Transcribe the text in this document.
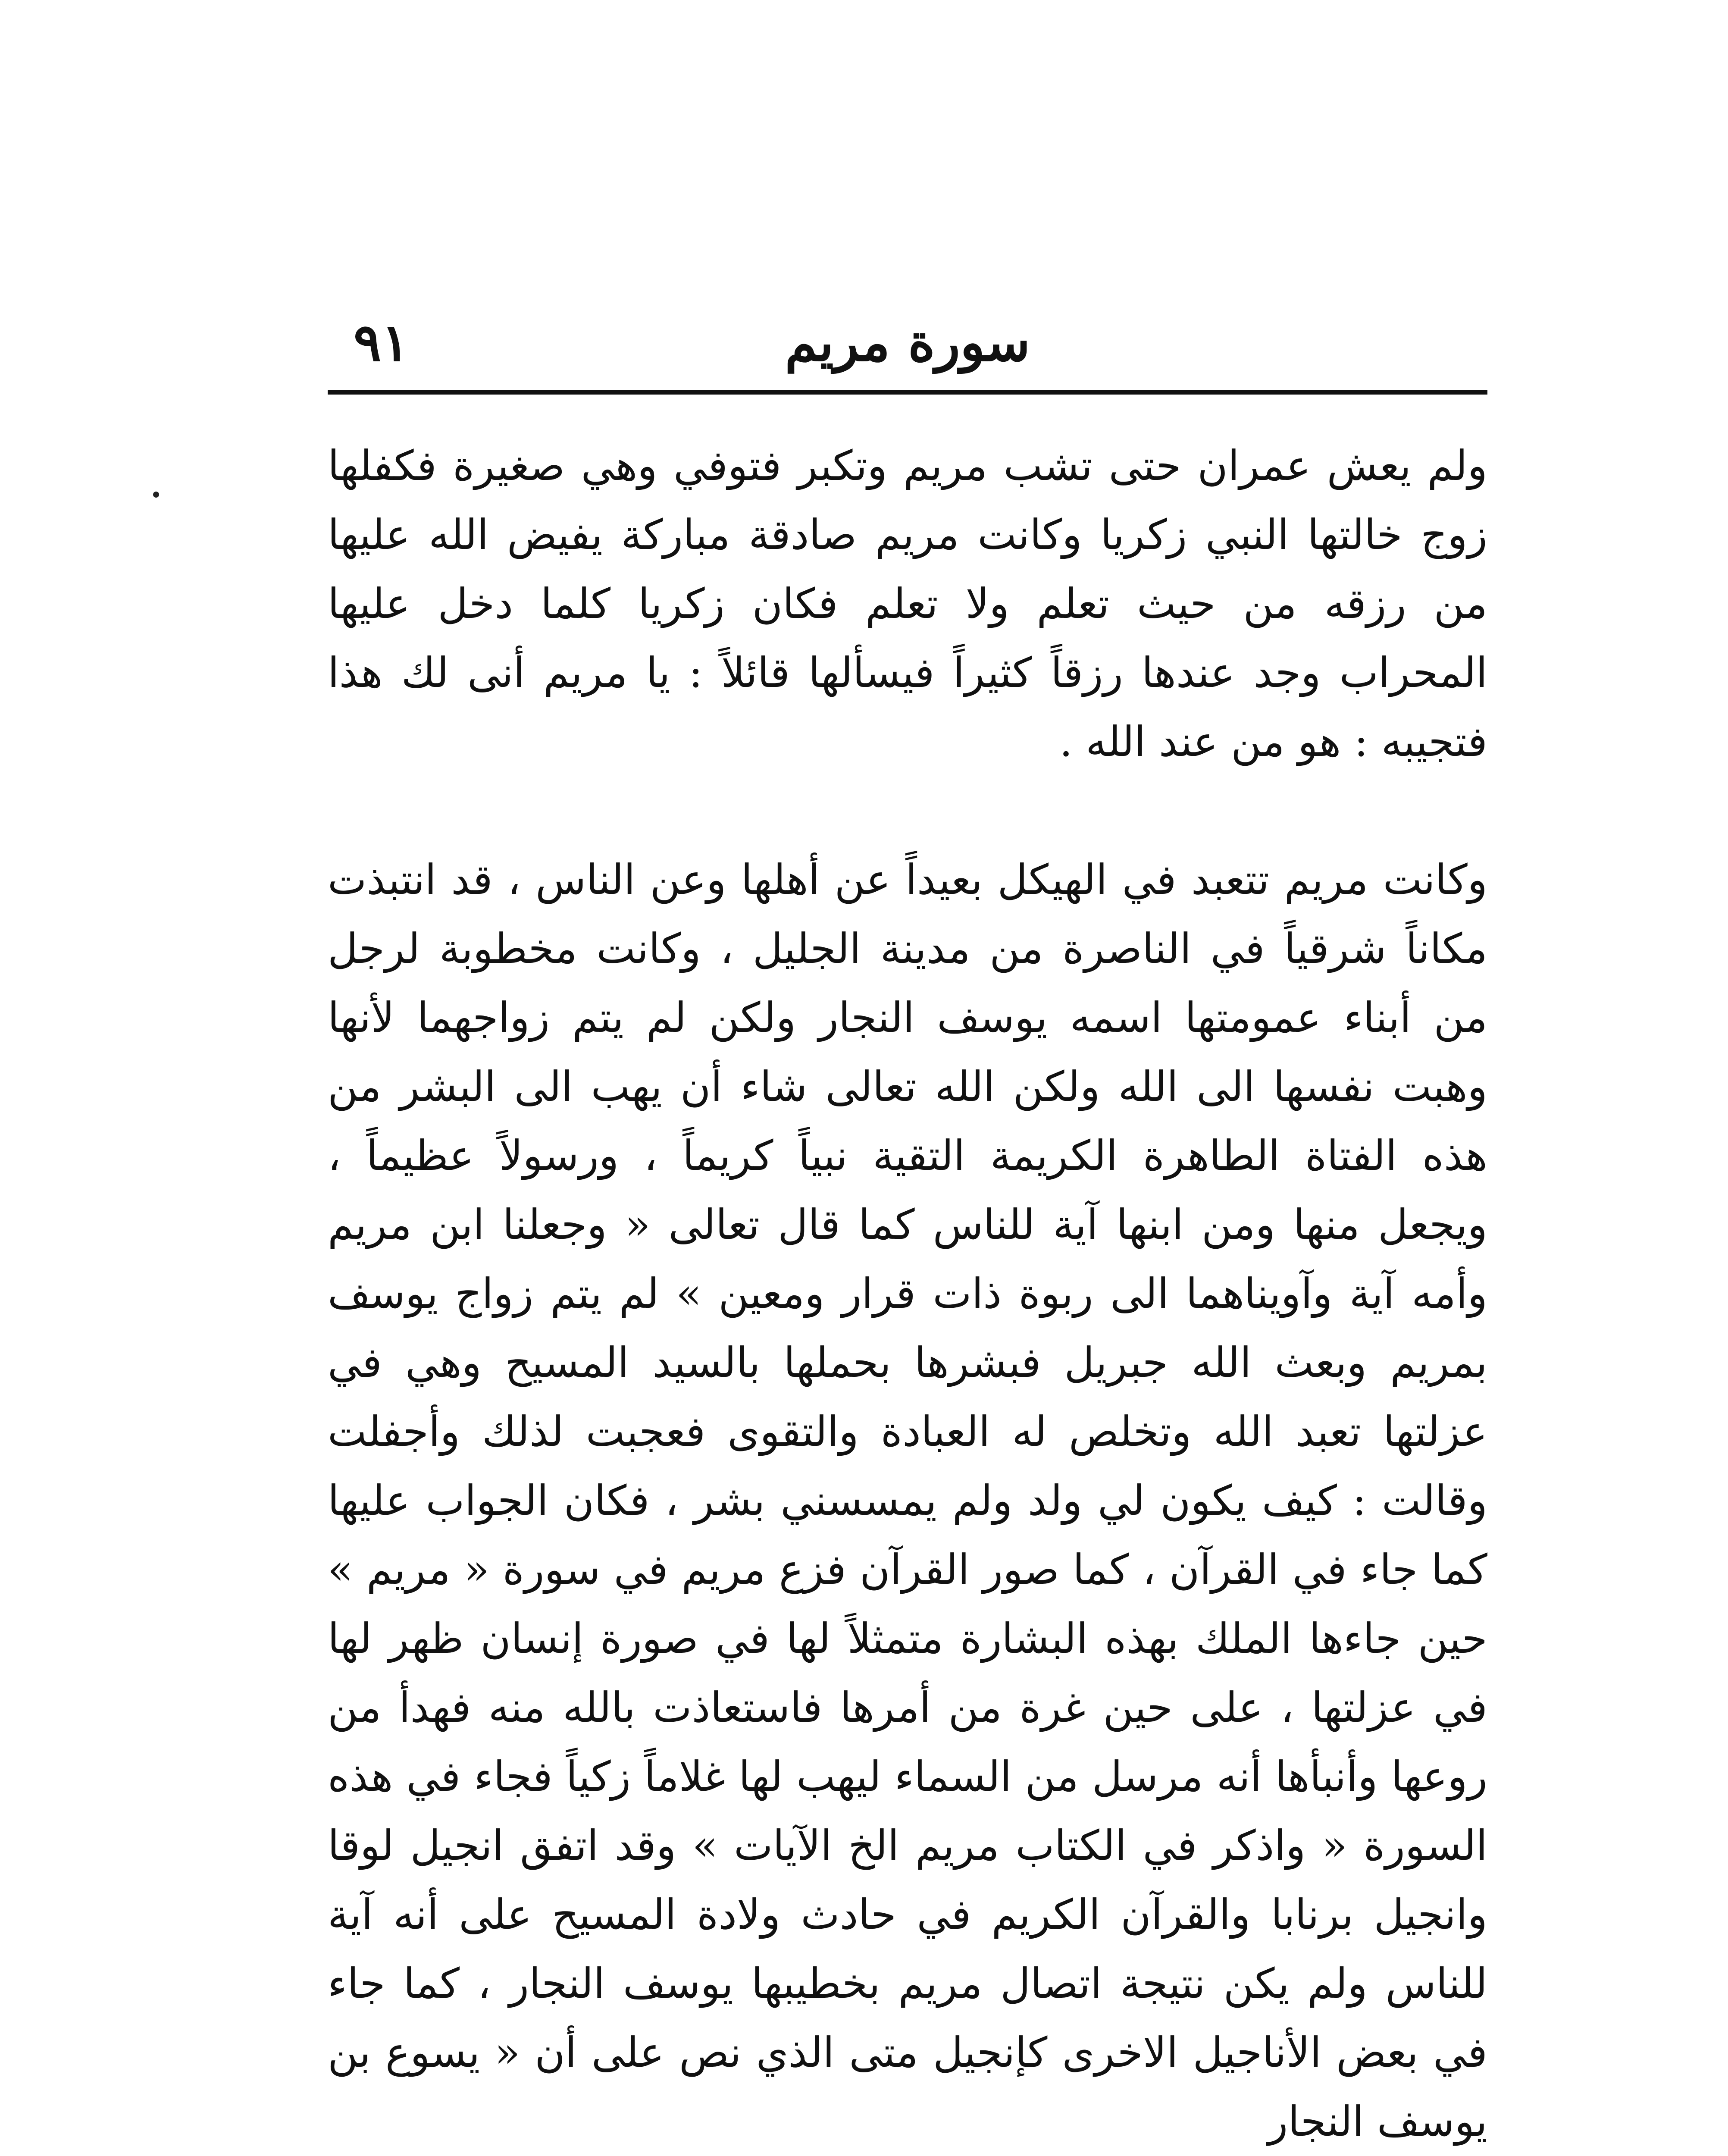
سورة مريم
٩١

ولم يعش عمران حتى تشب مريم وتكبر فتوفي وهي صغيرة فكفلها زوج خالتها النبي زكريا وكانت مريم صادقة مباركة يفيض الله عليها من رزقه من حيث تعلم ولا تعلم فكان زكريا كلما دخل عليها المحراب وجد عندها رزقاً كثيراً فيسألها قائلاً : يا مريم أنى لك هذا فتجيبه : هو من عند الله .

وكانت مريم تتعبد في الهيكل بعيداً عن أهلها وعن الناس ، قد انتبذت مكاناً شرقياً في الناصرة من مدينة الجليل ، وكانت مخطوبة لرجل من أبناء عمومتها اسمه يوسف النجار ولكن لم يتم زواجهما لأنها وهبت نفسها الى الله ولكن الله تعالى شاء أن يهب الى البشر من هذه الفتاة الطاهرة الكريمة التقية نبياً كريماً ، ورسولاً عظيماً ، ويجعل منها ومن ابنها آية للناس كما قال تعالى « وجعلنا ابن مريم وأمه آية وآويناهما الى ربوة ذات قرار ومعين » لم يتم زواج يوسف بمريم وبعث الله جبريل فبشرها بحملها بالسيد المسيح وهي في عزلتها تعبد الله وتخلص له العبادة والتقوى فعجبت لذلك وأجفلت وقالت : كيف يكون لي ولد ولم يمسسني بشر ، فكان الجواب عليها كما جاء في القرآن ، كما صور القرآن فزع مريم في سورة « مريم » حين جاءها الملك بهذه البشارة متمثلاً لها في صورة إنسان ظهر لها في عزلتها ، على حين غرة من أمرها فاستعاذت بالله منه فهدأ من روعها وأنبأها أنه مرسل من السماء ليهب لها غلاماً زكياً فجاء في هذه السورة « واذكر في الكتاب مريم الخ الآيات » وقد اتفق انجيل لوقا وانجيل برنابا والقرآن الكريم في حادث ولادة المسيح على أنه آية للناس ولم يكن نتيجة اتصال مريم بخطيبها يوسف النجار ، كما جاء في بعض الأناجيل الاخرى كإنجيل متى الذي نص على أن « يسوع بن يوسف النجار
